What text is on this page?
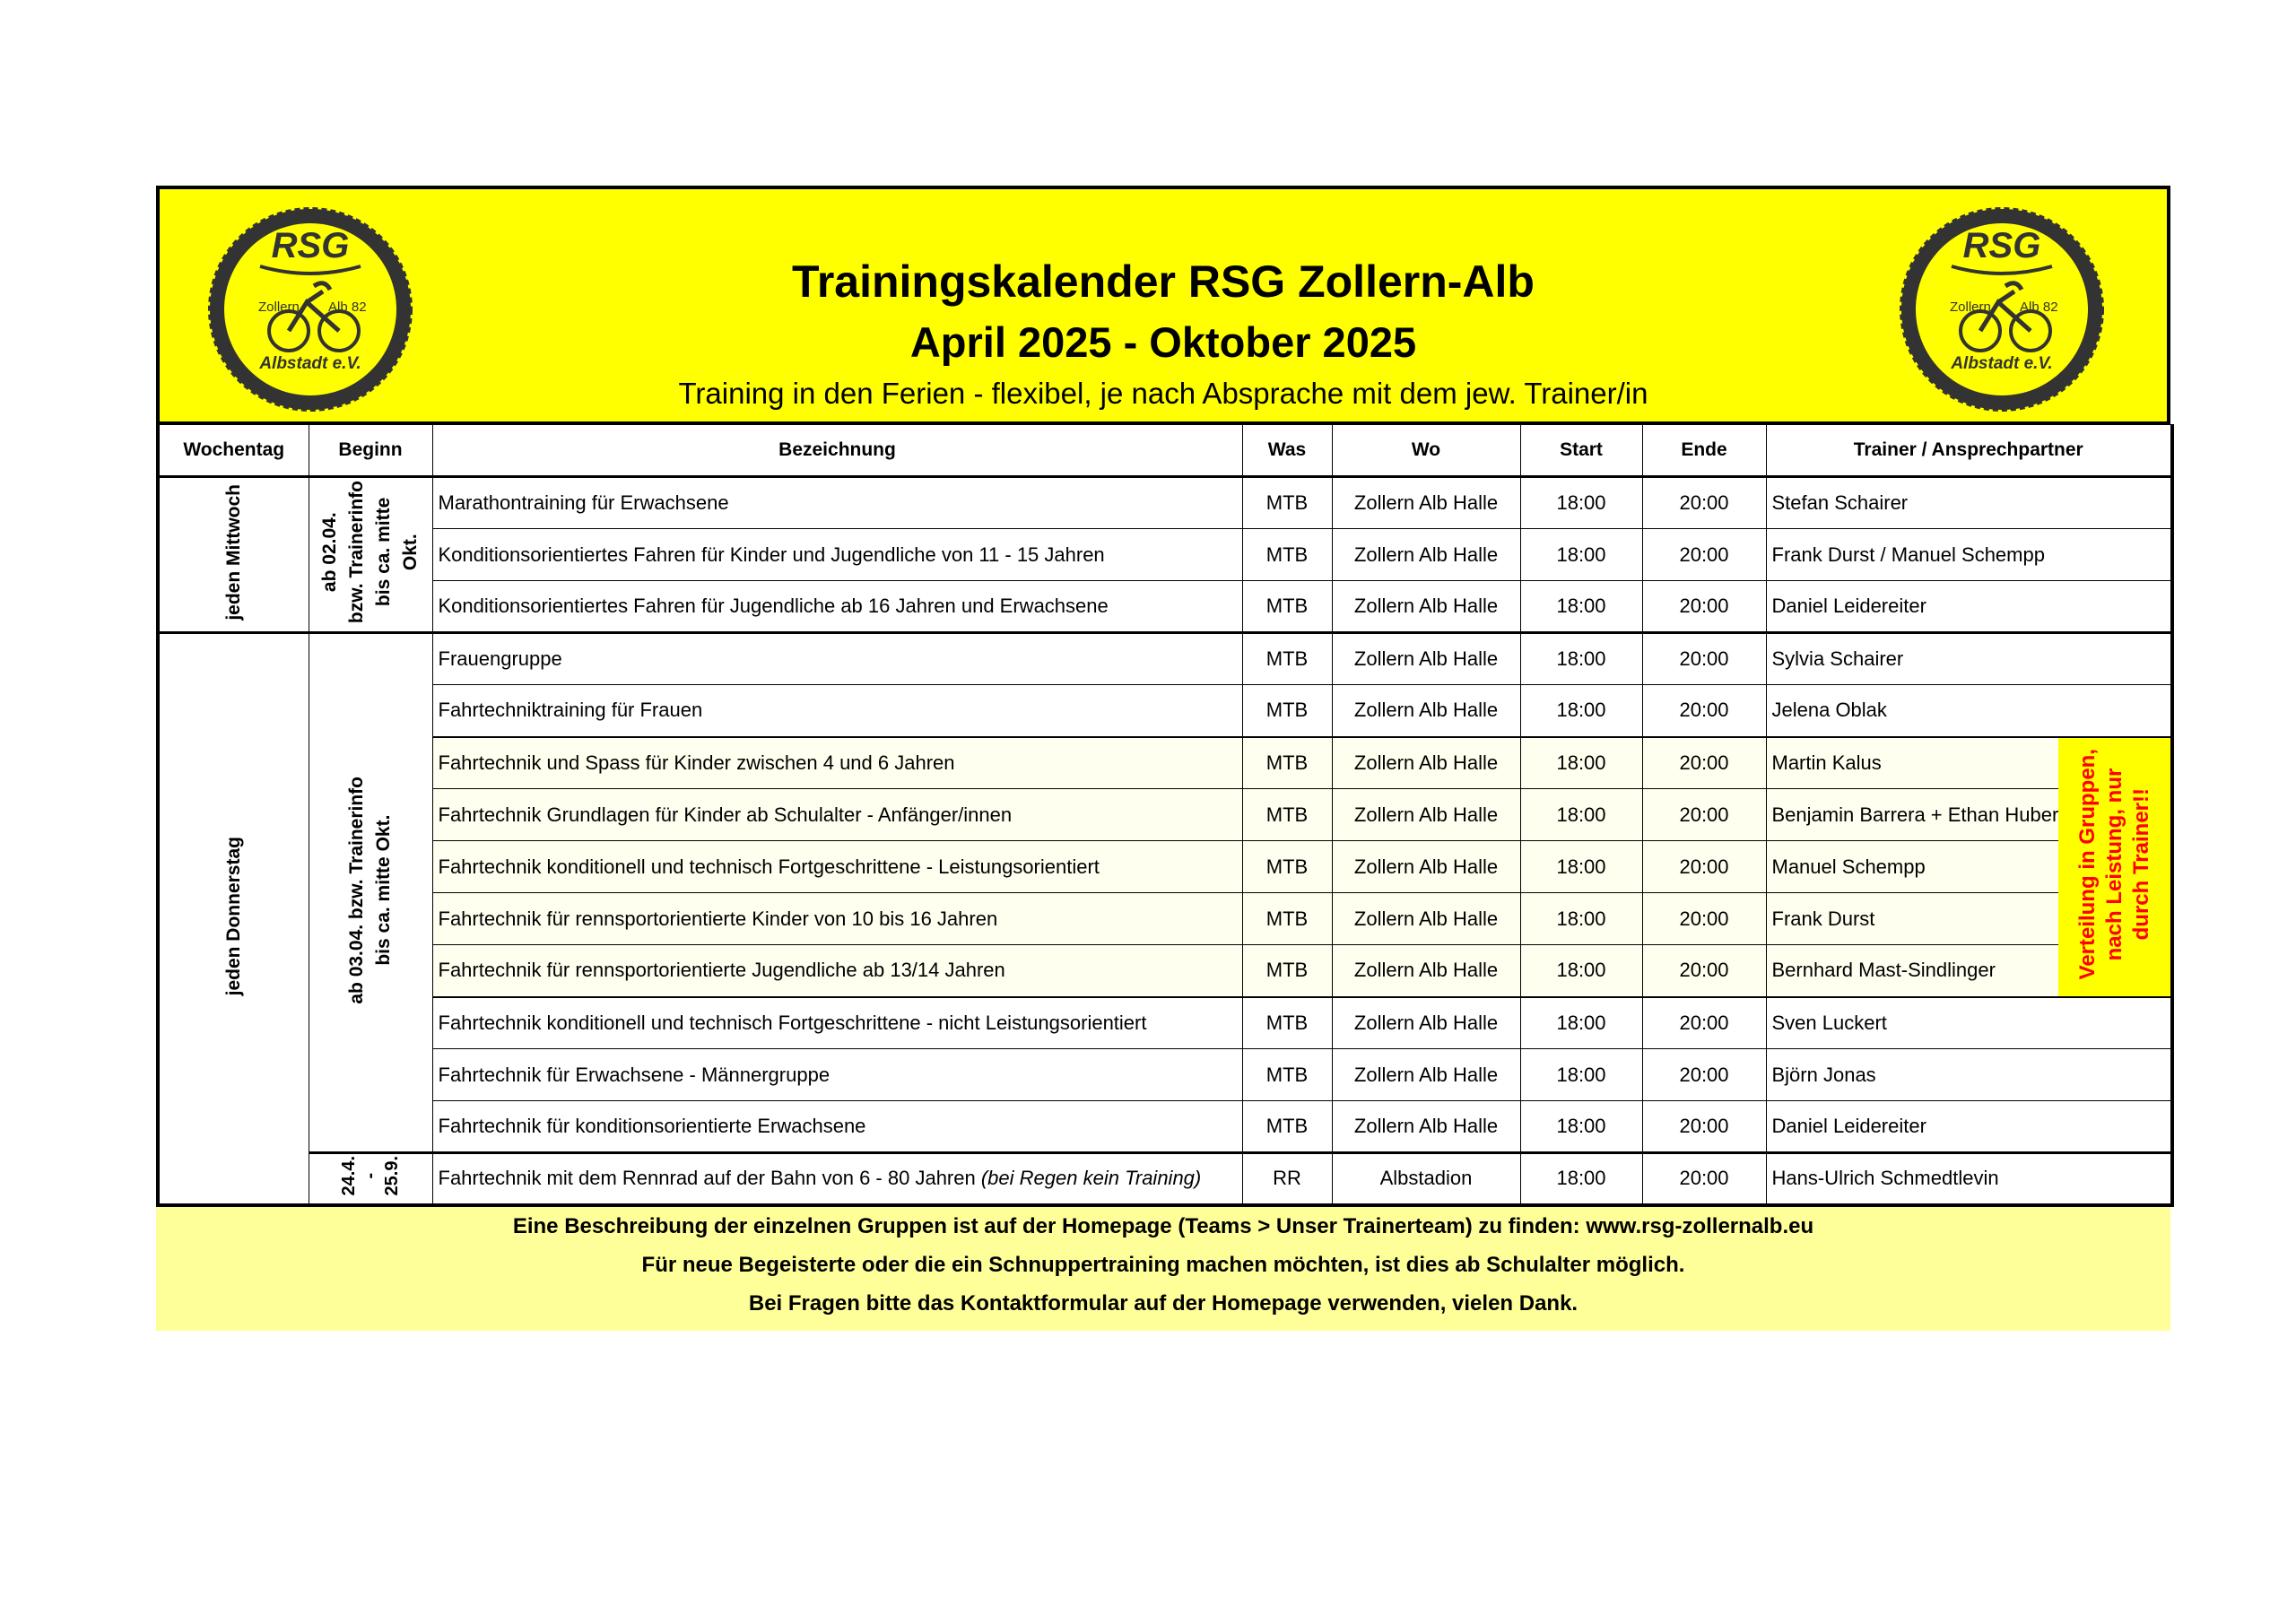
RSG
Zollern Alb 82
Albstadt e.V.
Trainingskalender RSG Zollern-Alb
April 2025 - Oktober 2025
Training in den Ferien - flexibel, je nach Absprache mit dem jew. Trainer/in
RSG
Zollern Alb 82
Albstadt e.V.
Wochentag	Beginn	Bezeichnung	Was	Wo	Start	Ende	Trainer / Ansprechpartner	
jeden Mittwoch	ab 02.04. bzw. Trainerinfo bis ca. mitte Okt.	Marathontraining für Erwachsene	MTB	Zollern Alb Halle	18:00	20:00	Stefan Schairer	
		Konditionsorientiertes Fahren für Kinder und Jugendliche von 11 - 15 Jahren	MTB	Zollern Alb Halle	18:00	20:00	Frank Durst / Manuel Schempp	
		Konditionsorientiertes Fahren für Jugendliche ab 16 Jahren und Erwachsene	MTB	Zollern Alb Halle	18:00	20:00	Daniel Leidereiter	
jeden Donnerstag	ab 03.04. bzw. Trainerinfo bis ca. mitte Okt.	Frauengruppe	MTB	Zollern Alb Halle	18:00	20:00	Sylvia Schairer	
		Fahrtechniktraining für Frauen	MTB	Zollern Alb Halle	18:00	20:00	Jelena Oblak	
		Fahrtechnik und Spass für Kinder zwischen 4 und 6 Jahren	MTB	Zollern Alb Halle	18:00	20:00	Martin Kalus	Verteilung in Gruppen, nach Leistung, nur durch Trainer!!
		Fahrtechnik Grundlagen für Kinder ab Schulalter - Anfänger/innen	MTB	Zollern Alb Halle	18:00	20:00	Benjamin Barrera + Ethan Huber	
		Fahrtechnik konditionell und technisch Fortgeschrittene - Leistungsorientiert	MTB	Zollern Alb Halle	18:00	20:00	Manuel Schempp	
		Fahrtechnik für rennsportorientierte Kinder von 10 bis 16 Jahren	MTB	Zollern Alb Halle	18:00	20:00	Frank Durst	
		Fahrtechnik für rennsportorientierte Jugendliche ab 13/14 Jahren	MTB	Zollern Alb Halle	18:00	20:00	Bernhard Mast-Sindlinger	
		Fahrtechnik konditionell und technisch Fortgeschrittene - nicht Leistungsorientiert	MTB	Zollern Alb Halle	18:00	20:00	Sven Luckert	
		Fahrtechnik für Erwachsene - Männergruppe	MTB	Zollern Alb Halle	18:00	20:00	Björn Jonas	
		Fahrtechnik für konditionsorientierte Erwachsene	MTB	Zollern Alb Halle	18:00	20:00	Daniel Leidereiter	
	24.4. - 25.9.	Fahrtechnik mit dem Rennrad auf der Bahn von 6 - 80 Jahren (bei Regen kein Training)	RR	Albstadion	18:00	20:00	Hans-Ulrich Schmedtlevin	
Eine Beschreibung der einzelnen Gruppen ist auf der Homepage (Teams > Unser Trainerteam) zu finden: www.rsg-zollernalb.eu
Für neue Begeisterte oder die ein Schnuppertraining machen möchten, ist dies ab Schulalter möglich.
Bei Fragen bitte das Kontaktformular auf der Homepage verwenden, vielen Dank.
